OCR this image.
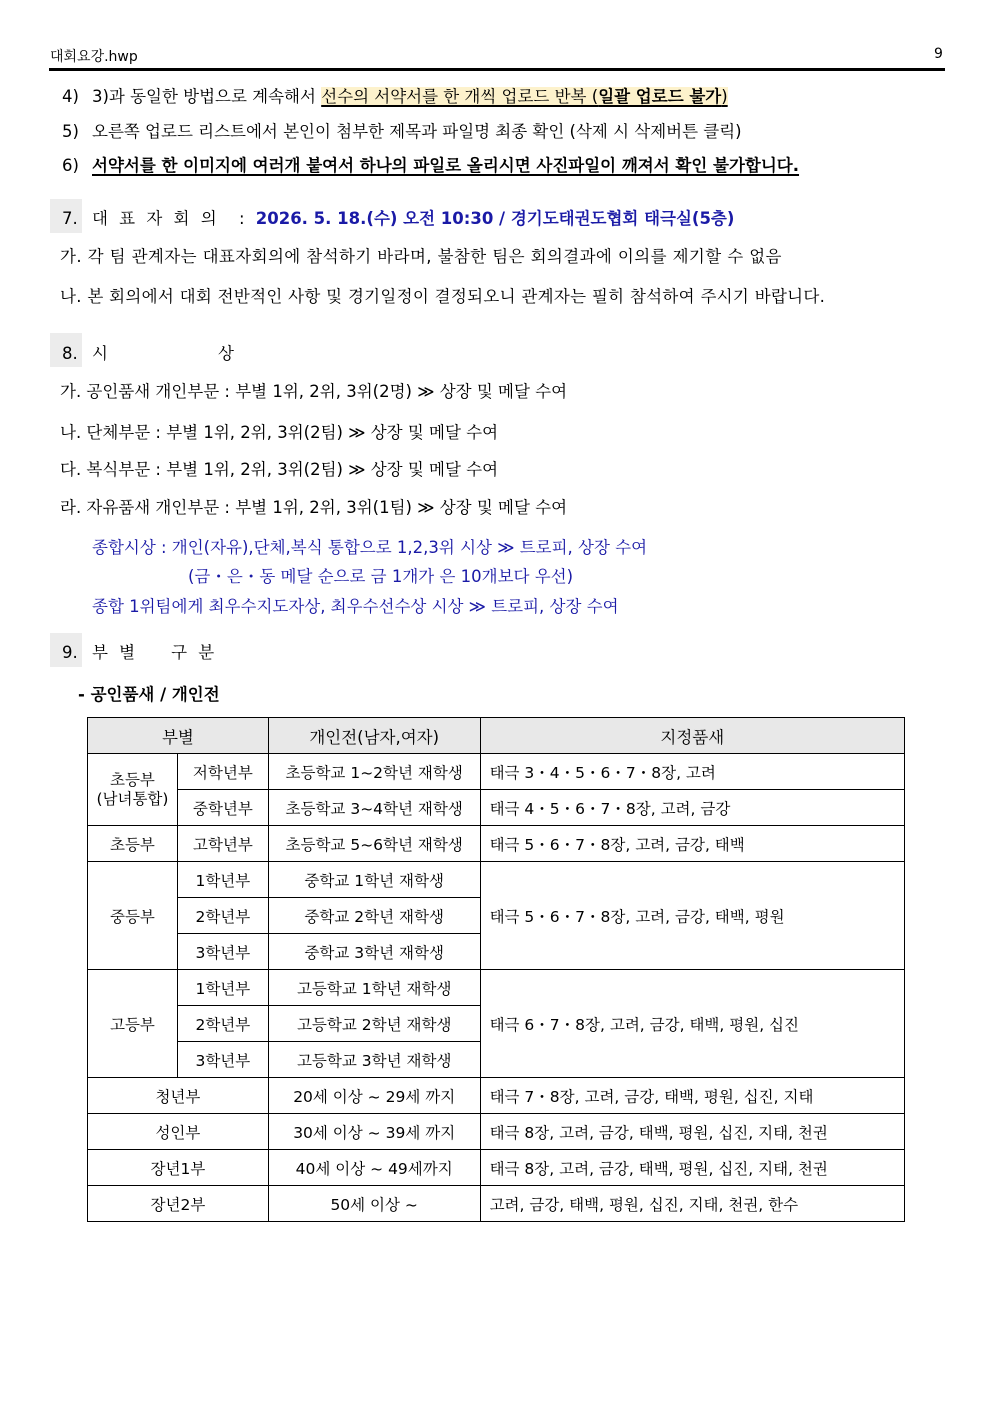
대회요강.hwp	9
4) 3)과 동일한 방법으로 계속해서 선수의 서약서를 한 개씩 업로드 반복 (일괄 업로드 불가)
5) 오른쪽 업로드 리스트에서 본인이 첨부한 제목과 파일명 최종 확인 (삭제 시 삭제버튼 클릭)
6) 서약서를 한 이미지에 여러개 붙여서 하나의 파일로 올리시면 사진파일이 깨져서 확인 불가합니다.
7. 대 표 자 회 의 : 2026. 5. 18.(수) 오전 10:30 / 경기도태권도협회 태극실(5층)
가. 각 팀 관계자는 대표자회의에 참석하기 바라며, 불참한 팀은 회의결과에 이의를 제기할 수 없음
나. 본 회의에서 대회 전반적인 사항 및 경기일정이 결정되오니 관계자는 필히 참석하여 주시기 바랍니다.
8. 시	상
가. 공인품새 개인부문 : 부별 1위, 2위, 3위(2명) ≫ 상장 및 메달 수여
나. 단체부문 : 부별 1위, 2위, 3위(2팀) ≫ 상장 및 메달 수여
다. 복식부문 : 부별 1위, 2위, 3위(2팀) ≫ 상장 및 메달 수여
라. 자유품새 개인부문 : 부별 1위, 2위, 3위(1팀) ≫ 상장 및 메달 수여
종합시상 : 개인(자유),단체,복식 통합으로 1,2,3위 시상 ≫ 트로피, 상장 수여
(금・은・동 메달 순으로 금 1개가 은 10개보다 우선)
종합 1위팀에게 최우수지도자상, 최우수선수상 시상 ≫ 트로피, 상장 수여
9. 부 별    구 분
- 공인품새 / 개인전
부별		개인전(남자,여자)	지정품새
초등부
(남녀통합)	저학년부	초등학교 1~2학년 재학생	태극 3・4・5・6・7・8장, 고려
	중학년부	초등학교 3~4학년 재학생	태극 4・5・6・7・8장, 고려, 금강
초등부	고학년부	초등학교 5~6학년 재학생	태극 5・6・7・8장, 고려, 금강, 태백
중등부	1학년부	중학교 1학년 재학생	태극 5・6・7・8장, 고려, 금강, 태백, 평원
	2학년부	중학교 2학년 재학생	
	3학년부	중학교 3학년 재학생	
고등부	1학년부	고등학교 1학년 재학생	태극 6・7・8장, 고려, 금강, 태백, 평원, 십진
	2학년부	고등학교 2학년 재학생	
	3학년부	고등학교 3학년 재학생	
청년부		20세 이상 ~ 29세 까지	태극 7・8장, 고려, 금강, 태백, 평원, 십진, 지태
성인부		30세 이상 ~ 39세 까지	태극 8장, 고려, 금강, 태백, 평원, 십진, 지태, 천권
장년1부		40세 이상 ~ 49세까지	태극 8장, 고려, 금강, 태백, 평원, 십진, 지태, 천권
장년2부		50세 이상 ~	고려, 금강, 태백, 평원, 십진, 지태, 천권, 한수
